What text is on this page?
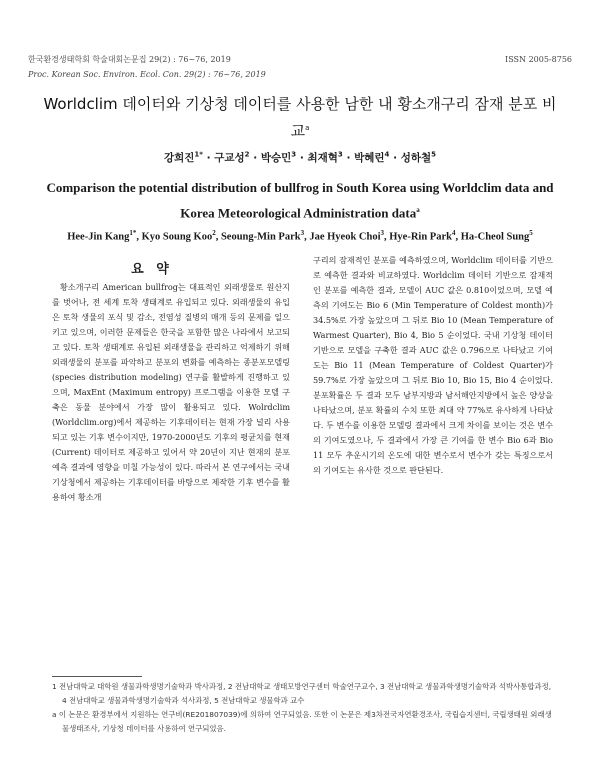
한국환경생태학회 학술대회논문집 29(2) : 76~76, 2019
Proc. Korean Soc. Environ. Ecol. Con. 29(2) : 76~76, 2019
ISSN 2005-8756
Worldclim 데이터와 기상청 데이터를 사용한 남한 내 황소개구리 잠재 분포 비교$^a$
강희진$^{1*}$ · 구교성$^2$ · 박승민$^3$ · 최재혁$^3$ · 박혜린$^4$ · 성하철$^5$
Comparison the potential distribution of bullfrog in South Korea using Worldclim data and
Korea Meteorological Administration data$^a$
Hee-Jin Kang$^{1*}$, Kyo Soung Koo$^2$, Seoung-Min Park$^3$, Jae Hyeok Choi$^3$, Hye-Rin Park$^4$, Ha-Cheol Sung$^5$
요 약
황소개구리 American bullfrog는 대표적인 외래생물로 원산지를 벗어나, 전 세계 토착 생태계로 유입되고 있다. 외래생물의 유입은 토착 생물의 포식 및 감소, 전염성 질병의 매개 등의 문제를 일으키고 있으며, 이러한 문제들은 한국을 포함한 많은 나라에서 보고되고 있다. 토착 생태계로 유입된 외래생물을 관리하고 억제하기 위해 외래생물의 분포를 파악하고 분포의 변화를 예측하는 종분포모델링(species distribution modeling) 연구를 활발하게 진행하고 있으며, MaxEnt (Maximum entropy) 프로그램을 이용한 모델 구축은 동물 분야에서 가장 많이 활용되고 있다. Wolrdclim (Worldclim.org)에서 제공하는 기후데이터는 현재 가장 널리 사용되고 있는 기후 변수이지만, 1970-2000년도 기후의 평균치를 현재(Current) 데이터로 제공하고 있어서 약 20년이 지난 현재의 분포 예측 결과에 영향을 미칠 가능성이 있다. 따라서 본 연구에서는 국내 기상청에서 제공하는 기후데이터를 바탕으로 제작한 기후 변수를 활용하여 황소개
구리의 잠재적인 분포를 예측하였으며, Worldclim 데이터를 기반으로 예측한 결과와 비교하였다. Worldclim 데이터 기반으로 잠재적인 분포를 예측한 결과, 모델이 AUC 값은 0.810이었으며, 모델 예측의 기여도는 Bio 6 (Min Temperature of Coldest month)가 34.5%로 가장 높았으며 그 뒤로 Bio 10 (Mean Temperature of Warmest Quarter), Bio 4, Bio 5 순이었다. 국내 기상청 데이터 기반으로 모델을 구축한 결과 AUC 값은 0.796으로 나타났고 기여도는 Bio 11 (Mean Temperature of Coldest Quarter)가 59.7%로 가장 높았으며 그 뒤로 Bio 10, Bio 15, Bio 4 순이었다. 분포확률은 두 결과 모두 남부지방과 남서해안지방에서 높은 양상을 나타났으며, 분포 확률의 수치 또한 최대 약 77%로 유사하게 나타났다. 두 변수를 이용한 모델링 결과에서 크게 차이를 보이는 것은 변수의 기여도였으나, 두 결과에서 가장 큰 기여를 한 변수 Bio 6과 Bio 11 모두 추운시기의 온도에 대한 변수로서 변수가 갖는 특징으로서의 기여도는 유사한 것으로 판단된다.

1 전남대학교 대학원 생물과학생명기술학과 박사과정, 2 전남대학교 생태모방연구센터 학술연구교수, 3 전남대학교 생물과학생명기술학과 석박사통합과정, 4 전남대학교 생물과학생명기술학과 석사과정, 5 전남대학교 생물학과 교수

a 이 논문은 환경부에서 지원하는 연구비(RE201807039)에 의하여 연구되었음. 또한 이 논문은 제3차전국자연환경조사, 국립습지센터, 국립생태원 외래생물생태조사, 기상청 데이터를 사용하여 연구되었음.
